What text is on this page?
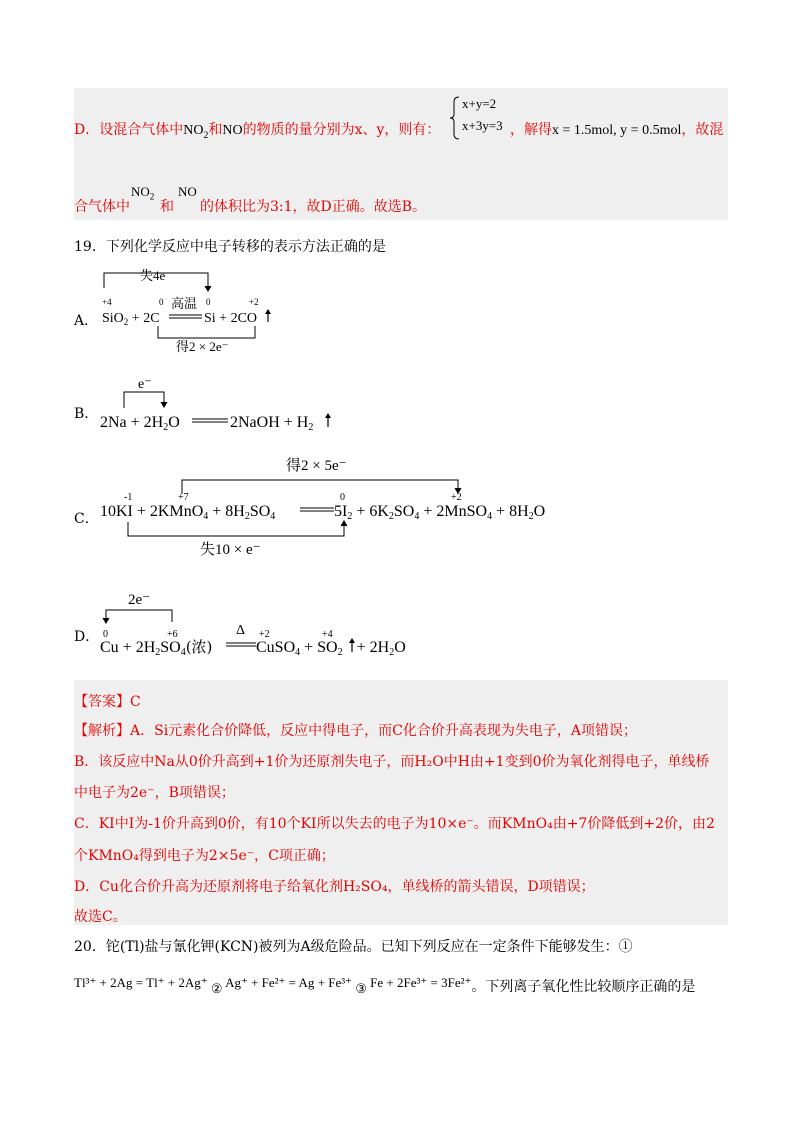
D．设混合气体中$NO_2$和NO的物质的量分别为x、y，则有：
x+y=2
x+3y=3 ，解得x = 1.5mol, y = 0.5mol，故混
合气体中
$NO_2$
和
NO
的体积比为3:1，故D正确。故选B。
19．下列化学反应中电子转移的表示方法正确的是
A．
失4e
+4	0	0	+2
高温
SiO$_2$ + 2C	Si + 2CO
得2 × 2e⁻
B．
e⁻
2Na + 2H2O	2NaOH + H2
C．
得2 × 5e⁻
-1	+7	0	+2
10KI + 2KMnO4 + 8H2SO4	5I2 + 6K2SO4 + 2MnSO4 + 8H2O
失10 × e⁻
D．
2e⁻
0	+6	+2	+4
Δ
Cu + 2H2SO4(浓)	CuSO4 + SO2 + 2H2O
【答案】C
【解析】A．Si元素化合价降低，反应中得电子，而C化合价升高表现为失电子，A项错误；
B．该反应中Na从0价升高到+1价为还原剂失电子，而H₂O中H由+1变到0价为氧化剂得电子，单线桥
中电子为2e⁻，B项错误；
C．KI中I为-1价升高到0价，有10个KI所以失去的电子为10×e⁻。而KMnO₄由+7价降低到+2价，由2
个KMnO₄得到电子为2×5e⁻，C项正确；
D．Cu化合价升高为还原剂将电子给氧化剂H₂SO₄，单线桥的箭头错误，D项错误；
故选C。
20．铊(Tl)盐与氰化钾(KCN)被列为A级危险品。已知下列反应在一定条件下能够发生：①
Tl³⁺ + 2Ag = Tl⁺ + 2Ag⁺ ② Ag⁺ + Fe²⁺ = Ag + Fe³⁺ ③ Fe + 2Fe³⁺ = 3Fe²⁺。下列离子氧化性比较顺序正确的是
